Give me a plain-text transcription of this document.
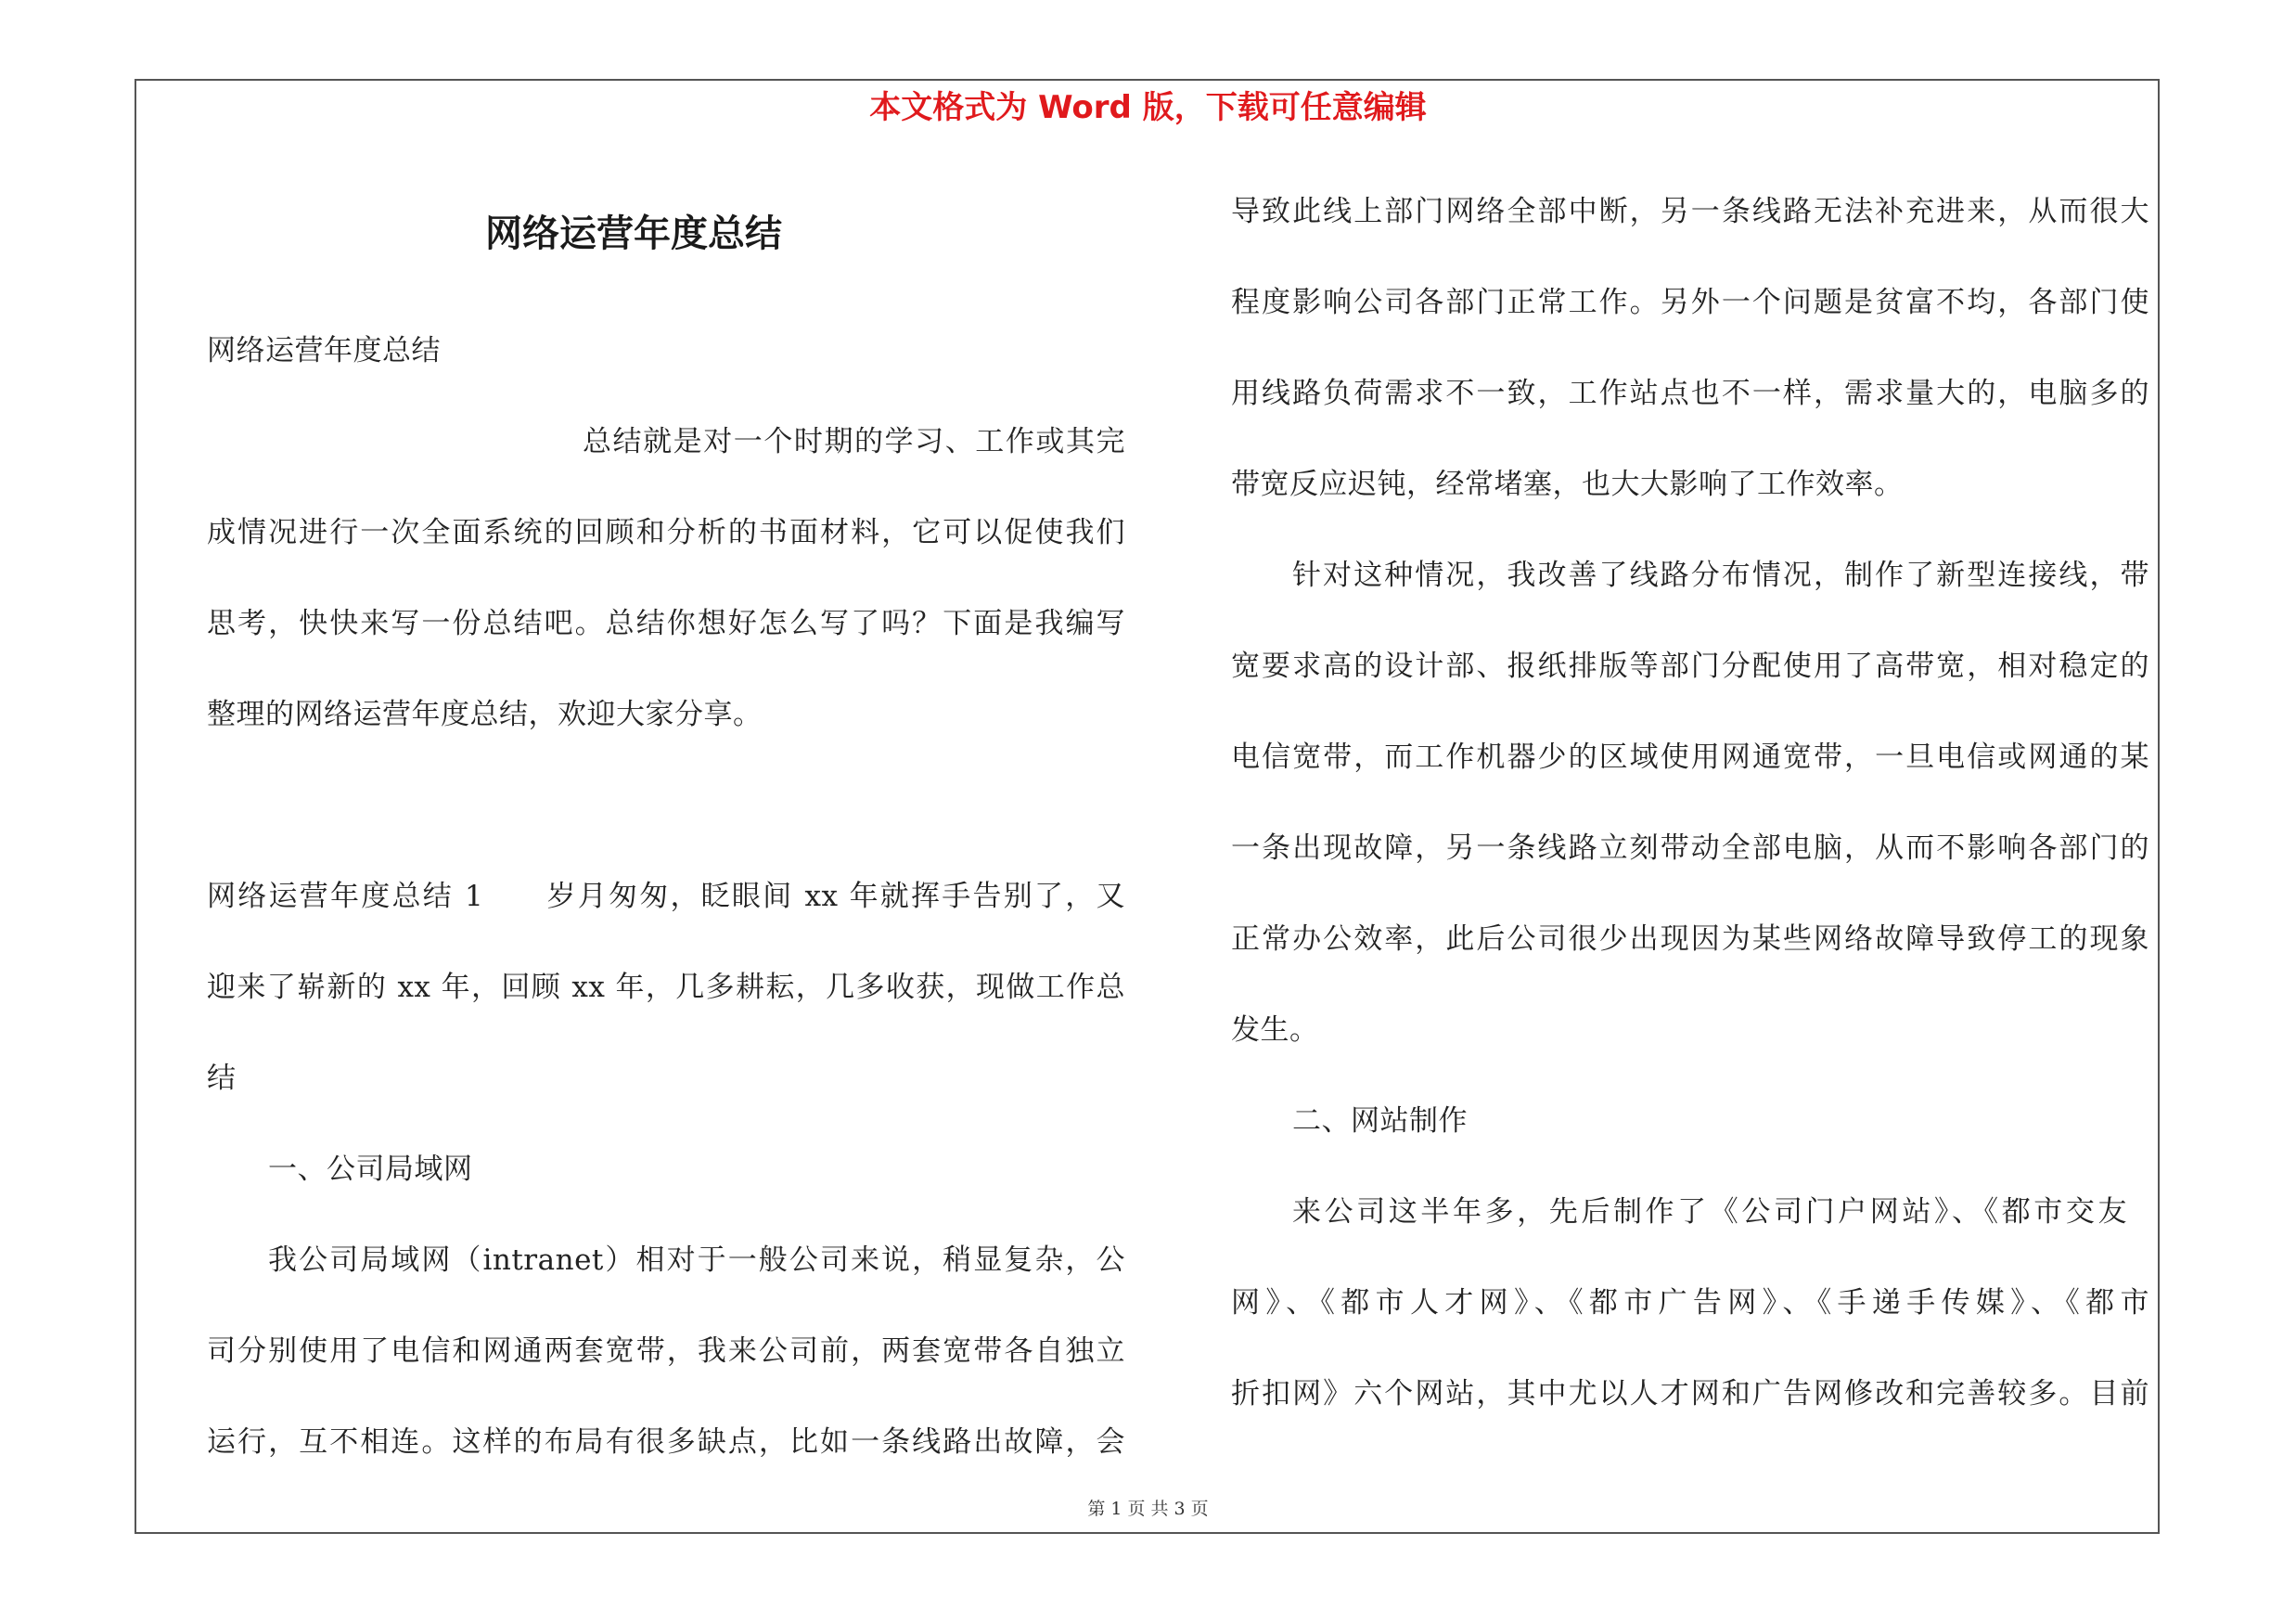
本文格式为 Word 版，下载可任意编辑
网络运营年度总结
网络运营年度总结
总结就是对一个时期的学习、工作或其完
成情况进行一次全面系统的回顾和分析的书面材料，它可以促使我们
思考，快快来写一份总结吧。总结你想好怎么写了吗？下面是我编写
整理的网络运营年度总结，欢迎大家分享。
网络运营年度总结 1　　岁月匆匆，眨眼间 xx 年就挥手告别了，又
迎来了崭新的 xx 年，回顾 xx 年，几多耕耘，几多收获，现做工作总
结
一、公司局域网
我公司局域网（intranet）相对于一般公司来说，稍显复杂，公
司分别使用了电信和网通两套宽带，我来公司前，两套宽带各自独立
运行，互不相连。这样的布局有很多缺点，比如一条线路出故障，会
导致此线上部门网络全部中断，另一条线路无法补充进来，从而很大
程度影响公司各部门正常工作。另外一个问题是贫富不均，各部门使
用线路负荷需求不一致，工作站点也不一样，需求量大的，电脑多的
带宽反应迟钝，经常堵塞，也大大影响了工作效率。
针对这种情况，我改善了线路分布情况，制作了新型连接线，带
宽要求高的设计部、报纸排版等部门分配使用了高带宽，相对稳定的
电信宽带，而工作机器少的区域使用网通宽带，一旦电信或网通的某
一条出现故障，另一条线路立刻带动全部电脑，从而不影响各部门的
正常办公效率，此后公司很少出现因为某些网络故障导致停工的现象
发生。
二、网站制作
来公司这半年多，先后制作了《公司门户网站》、《都市交友
网》、《都市人才网》、《都市广告网》、《手递手传媒》、《都市
折扣网》六个网站，其中尤以人才网和广告网修改和完善较多。目前
第 1 页 共 3 页
